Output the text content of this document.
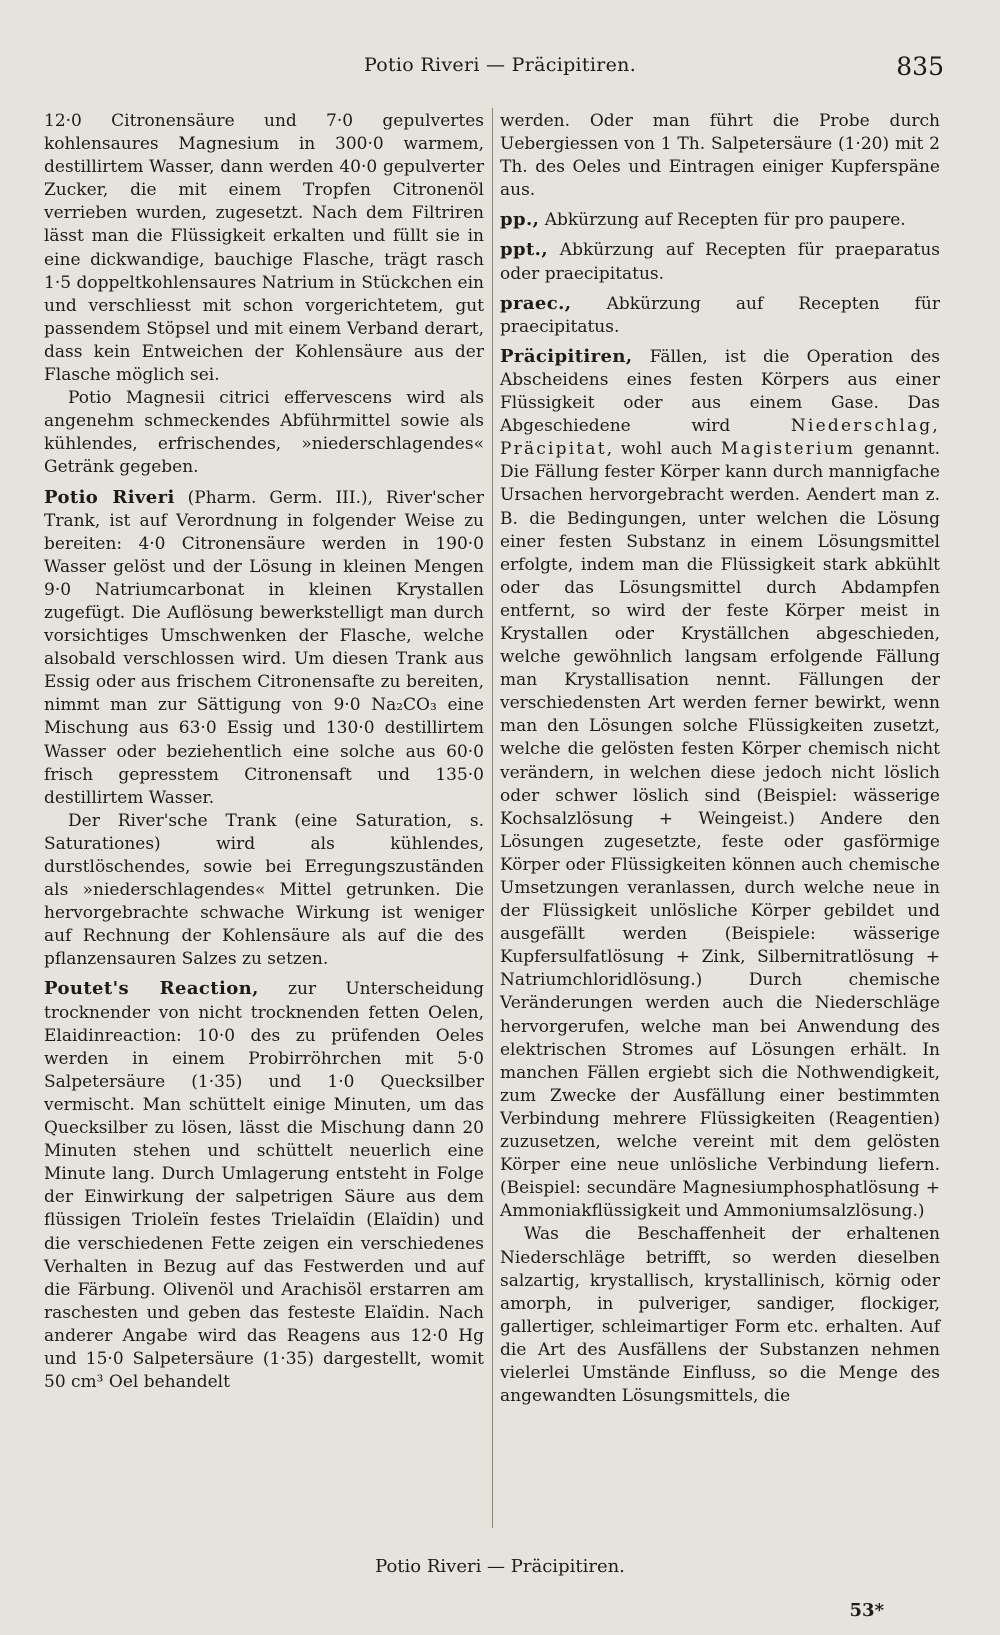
Potio Riveri — Präcipitiren.	835

12·0 Citronensäure und 7·0 gepulvertes kohlensaures Magnesium in 300·0 warmem, destillirtem Wasser, dann werden 40·0 gepulverter Zucker, die mit einem Tropfen Citronenöl verrieben wurden, zugesetzt. Nach dem Filtriren lässt man die Flüssigkeit erkalten und füllt sie in eine dickwandige, bauchige Flasche, trägt rasch 1·5 doppeltkohlensaures Natrium in Stückchen ein und verschliesst mit schon vorgerichtetem, gut passendem Stöpsel und mit einem Verband derart, dass kein Entweichen der Kohlensäure aus der Flasche möglich sei.

Potio Magnesii citrici effervescens wird als angenehm schmeckendes Abführmittel sowie als kühlendes, erfrischendes, »niederschlagendes« Getränk gegeben.

Potio Riveri (Pharm. Germ. III.), River'scher Trank, ist auf Verordnung in folgender Weise zu bereiten: 4·0 Citronensäure werden in 190·0 Wasser gelöst und der Lösung in kleinen Mengen 9·0 Natriumcarbonat in kleinen Krystallen zugefügt. Die Auflösung bewerkstelligt man durch vorsichtiges Umschwenken der Flasche, welche alsobald verschlossen wird. Um diesen Trank aus Essig oder aus frischem Citronensafte zu bereiten, nimmt man zur Sättigung von 9·0 Na₂CO₃ eine Mischung aus 63·0 Essig und 130·0 destillirtem Wasser oder beziehentlich eine solche aus 60·0 frisch gepresstem Citronensaft und 135·0 destillirtem Wasser.

Der River'sche Trank (eine Saturation, s. Saturationes) wird als kühlendes, durstlöschendes, sowie bei Erregungszuständen als »niederschlagendes« Mittel getrunken. Die hervorgebrachte schwache Wirkung ist weniger auf Rechnung der Kohlensäure als auf die des pflanzensauren Salzes zu setzen.

Poutet's Reaction, zur Unterscheidung trocknender von nicht trocknenden fetten Oelen, Elaidinreaction: 10·0 des zu prüfenden Oeles werden in einem Probirröhrchen mit 5·0 Salpetersäure (1·35) und 1·0 Quecksilber vermischt. Man schüttelt einige Minuten, um das Quecksilber zu lösen, lässt die Mischung dann 20 Minuten stehen und schüttelt neuerlich eine Minute lang. Durch Umlagerung entsteht in Folge der Einwirkung der salpetrigen Säure aus dem flüssigen Trioleïn festes Trielaïdin (Elaïdin) und die verschiedenen Fette zeigen ein verschiedenes Verhalten in Bezug auf das Festwerden und auf die Färbung. Olivenöl und Arachisöl erstarren am raschesten und geben das festeste Elaïdin. Nach anderer Angabe wird das Reagens aus 12·0 Hg und 15·0 Salpetersäure (1·35) dargestellt, womit 50 cm³ Oel behandelt

werden. Oder man führt die Probe durch Uebergiessen von 1 Th. Salpetersäure (1·20) mit 2 Th. des Oeles und Eintragen einiger Kupferspäne aus.

pp., Abkürzung auf Recepten für pro paupere.

ppt., Abkürzung auf Recepten für praeparatus oder praecipitatus.

praec., Abkürzung auf Recepten für praecipitatus.

Präcipitiren, Fällen, ist die Operation des Abscheidens eines festen Körpers aus einer Flüssigkeit oder aus einem Gase. Das Abgeschiedene wird Niederschlag, Präcipitat, wohl auch Magisterium genannt. Die Fällung fester Körper kann durch mannigfache Ursachen hervorgebracht werden. Aendert man z. B. die Bedingungen, unter welchen die Lösung einer festen Substanz in einem Lösungsmittel erfolgte, indem man die Flüssigkeit stark abkühlt oder das Lösungsmittel durch Abdampfen entfernt, so wird der feste Körper meist in Krystallen oder Kryställchen abgeschieden, welche gewöhnlich langsam erfolgende Fällung man Krystallisation nennt. Fällungen der verschiedensten Art werden ferner bewirkt, wenn man den Lösungen solche Flüssigkeiten zusetzt, welche die gelösten festen Körper chemisch nicht verändern, in welchen diese jedoch nicht löslich oder schwer löslich sind (Beispiel: wässerige Kochsalzlösung + Weingeist.) Andere den Lösungen zugesetzte, feste oder gasförmige Körper oder Flüssigkeiten können auch chemische Umsetzungen veranlassen, durch welche neue in der Flüssigkeit unlösliche Körper gebildet und ausgefällt werden (Beispiele: wässerige Kupfersulfatlösung + Zink, Silbernitratlösung + Natriumchloridlösung.) Durch chemische Veränderungen werden auch die Niederschläge hervorgerufen, welche man bei Anwendung des elektrischen Stromes auf Lösungen erhält. In manchen Fällen ergiebt sich die Nothwendigkeit, zum Zwecke der Ausfällung einer bestimmten Verbindung mehrere Flüssigkeiten (Reagentien) zuzusetzen, welche vereint mit dem gelösten Körper eine neue unlösliche Verbindung liefern. (Beispiel: secundäre Magnesiumphosphatlösung + Ammoniakflüssigkeit und Ammoniumsalzlösung.)

Was die Beschaffenheit der erhaltenen Niederschläge betrifft, so werden dieselben salzartig, krystallisch, krystallinisch, körnig oder amorph, in pulveriger, sandiger, flockiger, gallertiger, schleimartiger Form etc. erhalten. Auf die Art des Ausfällens der Substanzen nehmen vielerlei Umstände Einfluss, so die Menge des angewandten Lösungsmittels, die

Potio Riveri — Präcipitiren.
53*
